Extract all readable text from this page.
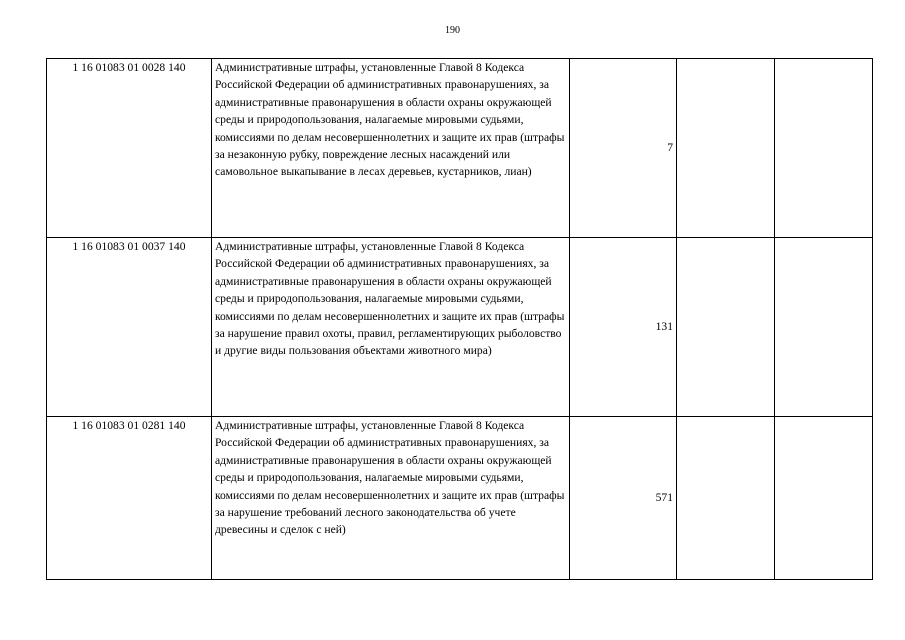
190
1 16 01083 01 0028 140	Административные штрафы, установленные Главой 8 Кодекса Российской Федерации об административных правонарушениях, за административные правонарушения в области охраны окружающей среды и природопользования, налагаемые мировыми судьями, комиссиями по делам несовершеннолетних и защите их прав (штрафы за незаконную рубку, повреждение лесных насаждений или самовольное выкапывание в лесах деревьев, кустарников, лиан)	7		
1 16 01083 01 0037 140	Административные штрафы, установленные Главой 8 Кодекса Российской Федерации об административных правонарушениях, за административные правонарушения в области охраны окружающей среды и природопользования, налагаемые мировыми судьями, комиссиями по делам несовершеннолетних и защите их прав (штрафы за нарушение правил охоты, правил, регламентирующих рыболовство и другие виды пользования объектами животного мира)	131		
1 16 01083 01 0281 140	Административные штрафы, установленные Главой 8 Кодекса Российской Федерации об административных правонарушениях, за административные правонарушения в области охраны окружающей среды и природопользования, налагаемые мировыми судьями, комиссиями по делам несовершеннолетних и защите их прав (штрафы за нарушение требований лесного законодательства об учете древесины и сделок с ней)	571		
